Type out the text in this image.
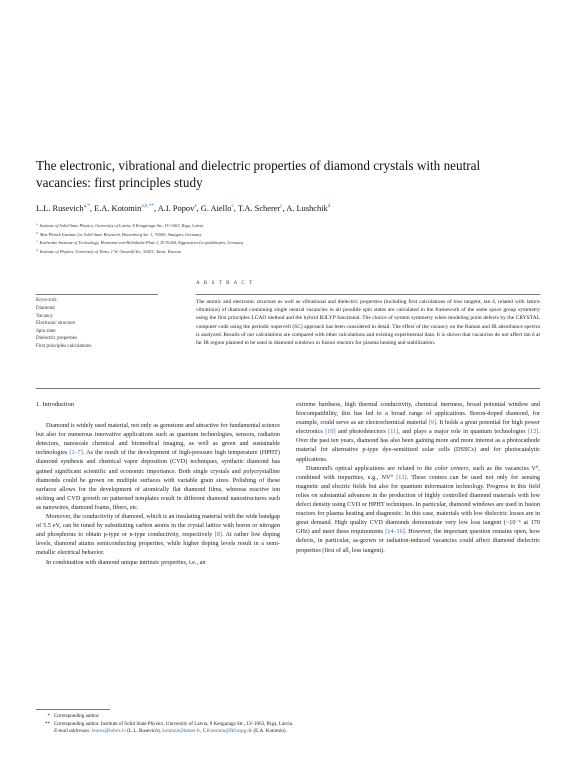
The electronic, vibrational and dielectric properties of diamond crystals with neutral vacancies: first principles study
L.L. Rusevich$^{a,*}$, E.A. Kotomin$^{a,b,**}$, A.I. Popov$^a$, G. Aiello$^c$, T.A. Scherer$^c$, A. Lushchik$^d$
$^a$ Institute of Solid State Physics, University of Latvia, 8 Kengaraga Str., LV-1063, Riga, Latvia
$^b$ Max Planck Institute for Solid State Research, Heisenberg Str. 1, 70569, Stuttgart, Germany
$^c$ Karlsruhe Institute of Technology, Hermann-von-Helmholtz-Platz 1, D-76344, Eggenstein-Leopoldshafen, Germany
$^d$ Institute of Physics, University of Tartu, 1 W. Ostwald Str., 50411, Tartu, Estonia
A B S T R A C T
Keywords:
Diamond
Vacancy
Electronic structure
Spin state
Dielectric properties
First principles calculations

The atomic and electronic structure as well as vibrational and dielectric properties (including first calculations of loss tangent, tan δ, related with lattice vibrations) of diamond containing single neutral vacancies in all possible spin states are calculated in the framework of the same space group symmetry using the first principles LCAO method and the hybrid B3LYP functional. The choice of system symmetry when modeling point defects by the CRYSTAL computer code using the periodic supercell (SC) approach has been considered in detail. The effect of the vacancy on the Raman and IR absorbance spectra is analyzed. Results of our calculations are compared with other calculations and existing experimental data. It is shown that vacancies do not affect tan δ at far IR region planned to be used in diamond windows in fusion reactors for plasma heating and stabilization.

1. Introduction

Diamond is widely used material, not only as gemstone and attractive for fundamental science but also for numerous innovative applications such as quantum technologies, sensors, radiation detectors, nanoscale chemical and biomedical imaging, as well as green and sustainable technologies [1–7]. As the result of the development of high-pressure high temperature (HPHT) diamond synthesis and chemical vapor deposition (CVD) techniques, synthetic diamond has gained significant scientific and economic importance. Both single crystals and polycrystalline diamonds could be grown on multiple surfaces with variable grain sizes. Polishing of these surfaces allows for the development of atomically flat diamond films, whereas reactive ion etching and CVD growth on patterned templates result in different diamond nanostructures such as nanowires, diamond foams, fibers, etc.

Moreover, the conductivity of diamond, which is an insulating material with the wide bandgap of 5.5 eV, can be tuned by substituting carbon atoms in the crystal lattice with boron or nitrogen and phosphorus to obtain p-type or n-type conductivity, respectively [8]. At rather low doping levels, diamond attains semiconducting properties, while higher doping levels result in a semi-metallic electrical behavior.

In combination with diamond unique intrinsic properties, i.e., an

extreme hardness, high thermal conductivity, chemical inertness, broad potential window and biocompatibility, this has led to a broad range of applications. Boron-doped diamond, for example, could serve as an electrochemical material [9]. It holds a great potential for high power electronics [10] and photodetectors [11], and plays a major role in quantum technologies [12]. Over the past ten years, diamond has also been gaining more and more interest as a photocathode material for alternative p-type dye-sensitized solar cells (DSSCs) and for photocatalytic applications.

Diamond's optical applications are related to the color centers, such as the vacancies V⁰, combined with impurities, e.g., NV⁰ [13]. These centers can be used not only for sensing magnetic and electric fields but also for quantum information technology. Progress in this field relies on substantial advances in the production of highly controlled diamond materials with low defect density using CVD or HPHT techniques. In particular, diamond windows are used in fusion reactors for plasma heating and diagnostic. In this case, materials with low dielectric losses are in great demand. High quality CVD diamonds demonstrate very low loss tangent (~10⁻⁶ at 170 GHz) and meet these requirements [14–16]. However, the important question remains open, how defects, in particular, as-grown or radiation-induced vacancies could affect diamond dielectric properties (first of all, loss tangent).

* Corresponding author.
** Corresponding author. Institute of Solid State Physics, University of Latvia, 8 Kengaraga Str., LV-1063, Riga, Latvia.
E-mail addresses: leorus@inbox.lv (L.L. Rusevich), kotomin@latnet.lv, E.Kotomin@fkf.mpg.de (E.A. Kotomin).
